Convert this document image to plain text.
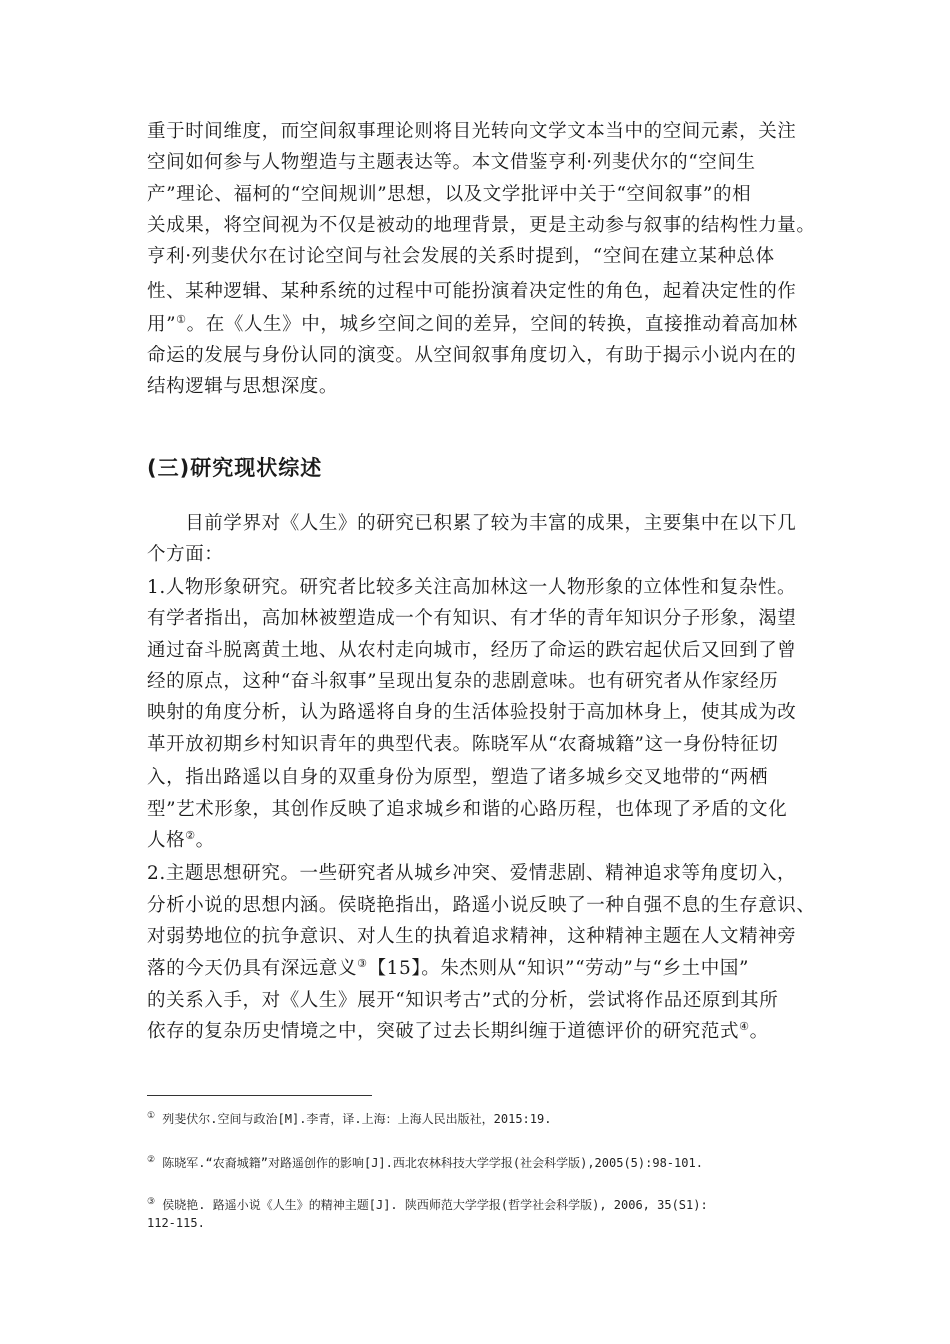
重于时间维度，而空间叙事理论则将目光转向文学文本当中的空间元素，关注
空间如何参与人物塑造与主题表达等。本文借鉴亨利·列斐伏尔的“空间生
产”理论、福柯的“空间规训”思想，以及文学批评中关于“空间叙事”的相
关成果，将空间视为不仅是被动的地理背景，更是主动参与叙事的结构性力量。
亨利·列斐伏尔在讨论空间与社会发展的关系时提到，“空间在建立某种总体
性、某种逻辑、某种系统的过程中可能扮演着决定性的角色，起着决定性的作
用”①。在《人生》中，城乡空间之间的差异，空间的转换，直接推动着高加林
命运的发展与身份认同的演变。从空间叙事角度切入，有助于揭示小说内在的
结构逻辑与思想深度。
(三)研究现状综述
　　目前学界对《人生》的研究已积累了较为丰富的成果，主要集中在以下几
个方面：
1.人物形象研究。研究者比较多关注高加林这一人物形象的立体性和复杂性。
有学者指出，高加林被塑造成一个有知识、有才华的青年知识分子形象，渴望
通过奋斗脱离黄土地、从农村走向城市，经历了命运的跌宕起伏后又回到了曾
经的原点，这种“奋斗叙事”呈现出复杂的悲剧意味。也有研究者从作家经历
映射的角度分析，认为路遥将自身的生活体验投射于高加林身上，使其成为改
革开放初期乡村知识青年的典型代表。陈晓军从“农裔城籍”这一身份特征切
入，指出路遥以自身的双重身份为原型，塑造了诸多城乡交叉地带的“两栖
型”艺术形象，其创作反映了追求城乡和谐的心路历程，也体现了矛盾的文化
人格②。
2.主题思想研究。一些研究者从城乡冲突、爱情悲剧、精神追求等角度切入，
分析小说的思想内涵。侯晓艳指出，路遥小说反映了一种自强不息的生存意识、
对弱势地位的抗争意识、对人生的执着追求精神，这种精神主题在人文精神旁
落的今天仍具有深远意义③【15】。朱杰则从“知识”“劳动”与“乡土中国”
的关系入手，对《人生》展开“知识考古”式的分析，尝试将作品还原到其所
依存的复杂历史情境之中，突破了过去长期纠缠于道德评价的研究范式④。
① 列斐伏尔.空间与政治[M].李青，译.上海：上海人民出版社，2015:19.
② 陈晓军.“农裔城籍”对路遥创作的影响[J].西北农林科技大学学报(社会科学版),2005(5):98-101.
③ 侯晓艳. 路遥小说《人生》的精神主题[J]. 陕西师范大学学报(哲学社会科学版), 2006, 35(S1):
112-115.
